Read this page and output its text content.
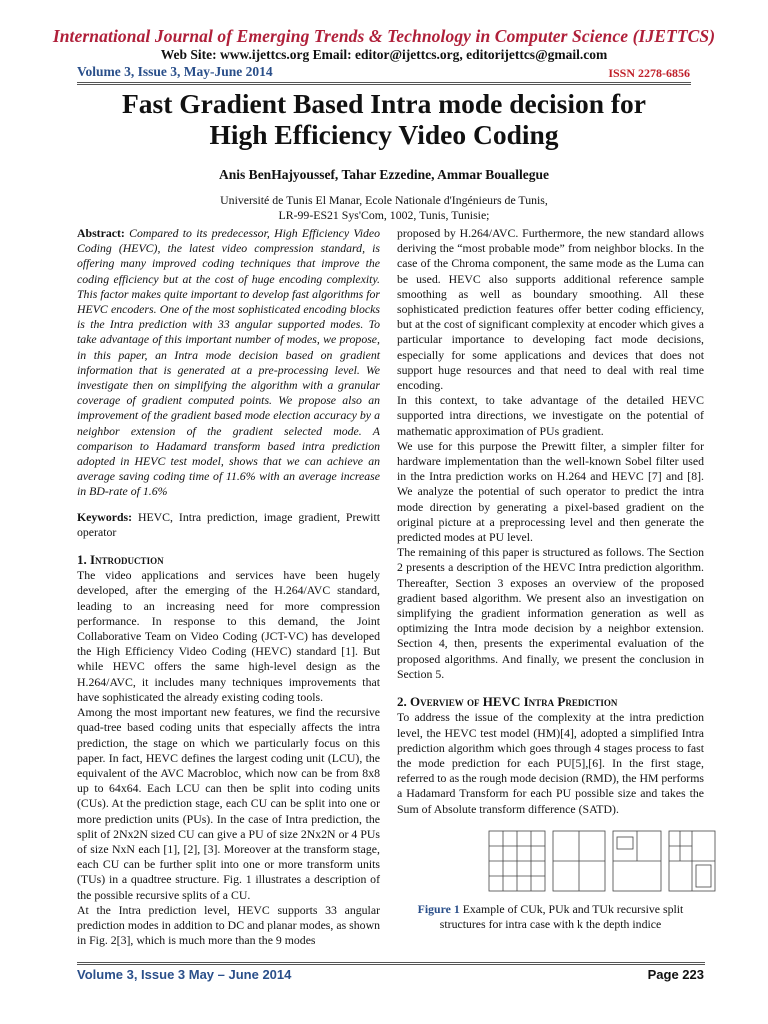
International Journal of Emerging Trends & Technology in Computer Science (IJETTCS)
Web Site: www.ijettcs.org Email: editor@ijettcs.org, editorijettcs@gmail.com
Volume 3, Issue 3, May-June 2014	ISSN 2278-6856
Fast Gradient Based Intra mode decision for
High Efficiency Video Coding
Anis BenHajyoussef, Tahar Ezzedine, Ammar Bouallegue
Université de Tunis El Manar, Ecole Nationale d'Ingénieurs de Tunis,
LR-99-ES21 Sys'Com, 1002, Tunis, Tunisie;

Abstract: Compared to its predecessor, High Efficiency Video Coding (HEVC), the latest video compression standard, is offering many improved coding techniques that improve the coding efficiency but at the cost of huge encoding complexity. This factor makes quite important to develop fast algorithms for HEVC encoders. One of the most sophisticated encoding blocks is the Intra prediction with 33 angular supported modes. To take advantage of this important number of modes, we propose, in this paper, an Intra mode decision based on gradient information that is generated at a pre-processing level. We investigate then on simplifying the algorithm with a granular coverage of gradient computed points. We propose also an improvement of the gradient based mode election accuracy by a neighbor extension of the gradient selected mode. A comparison to Hadamard transform based intra prediction adopted in HEVC test model, shows that we can achieve an average saving coding time of 11.6% with an average increase in BD-rate of 1.6%

Keywords: HEVC, Intra prediction, image gradient, Prewitt operator

1. Introduction

The video applications and services have been hugely developed, after the emerging of the H.264/AVC standard, leading to an increasing need for more compression performance. In response to this demand, the Joint Collaborative Team on Video Coding (JCT-VC) has developed the High Efficiency Video Coding (HEVC) standard [1]. But while HEVC offers the same high-level design as the H.264/AVC, it includes many techniques improvements that have sophisticated the already existing coding tools.

Among the most important new features, we find the recursive quad-tree based coding units that especially affects the intra prediction, the stage on which we particularly focus on this paper. In fact, HEVC defines the largest coding unit (LCU), the equivalent of the AVC Macrobloc, which now can be from 8x8 up to 64x64. Each LCU can then be split into coding units (CUs). At the prediction stage, each CU can be split into one or more prediction units (PUs). In the case of Intra prediction, the split of 2Nx2N sized CU can give a PU of size 2Nx2N or 4 PUs of size NxN each [1], [2], [3]. Moreover at the transform stage, each CU can be further split into one or more transform units (TUs) in a quadtree structure. Fig. 1 illustrates a description of the possible recursive splits of a CU.

At the Intra prediction level, HEVC supports 33 angular prediction modes in addition to DC and planar modes, as shown in Fig. 2[3], which is much more than the 9 modes

proposed by H.264/AVC. Furthermore, the new standard allows deriving the “most probable mode” from neighbor blocks. In the case of the Chroma component, the same mode as the Luma can be used. HEVC also supports additional reference sample smoothing as well as boundary smoothing. All these sophisticated prediction features offer better coding efficiency, but at the cost of significant complexity at encoder which gives a particular importance to developing fact mode decisions, especially for some applications and devices that does not support huge resources and that need to deal with real time encoding.

In this context, to take advantage of the detailed HEVC supported intra directions, we investigate on the potential of mathematic approximation of PUs gradient.

We use for this purpose the Prewitt filter, a simpler filter for hardware implementation than the well-known Sobel filter used in the Intra prediction works on H.264 and HEVC [7] and [8]. We analyze the potential of such operator to predict the intra mode direction by generating a pixel-based gradient on the original picture at a preprocessing level and then generate the predicted modes at PU level.

The remaining of this paper is structured as follows. The Section 2 presents a description of the HEVC Intra prediction algorithm. Thereafter, Section 3 exposes an overview of the proposed gradient based algorithm. We present also an investigation on simplifying the gradient information generation as well as optimizing the Intra mode decision by a neighbor extension. Section 4, then, presents the experimental evaluation of the proposed algorithms. And finally, we present the conclusion in Section 5.

2. Overview of HEVC Intra Prediction

To address the issue of the complexity at the intra prediction level, the HEVC test model (HM)[4], adopted a simplified Intra prediction algorithm which goes through 4 stages process to fast the mode prediction for each PU[5],[6]. In the first stage, referred to as the rough mode decision (RMD), the HM performs a Hadamard Transform for each PU possible size and takes the Sum of Absolute transform difference (SATD).

Figure 1 Example of CUk, PUk and TUk recursive split structures for intra case with k the depth indice

Volume 3, Issue 3 May – June 2014	Page 223
